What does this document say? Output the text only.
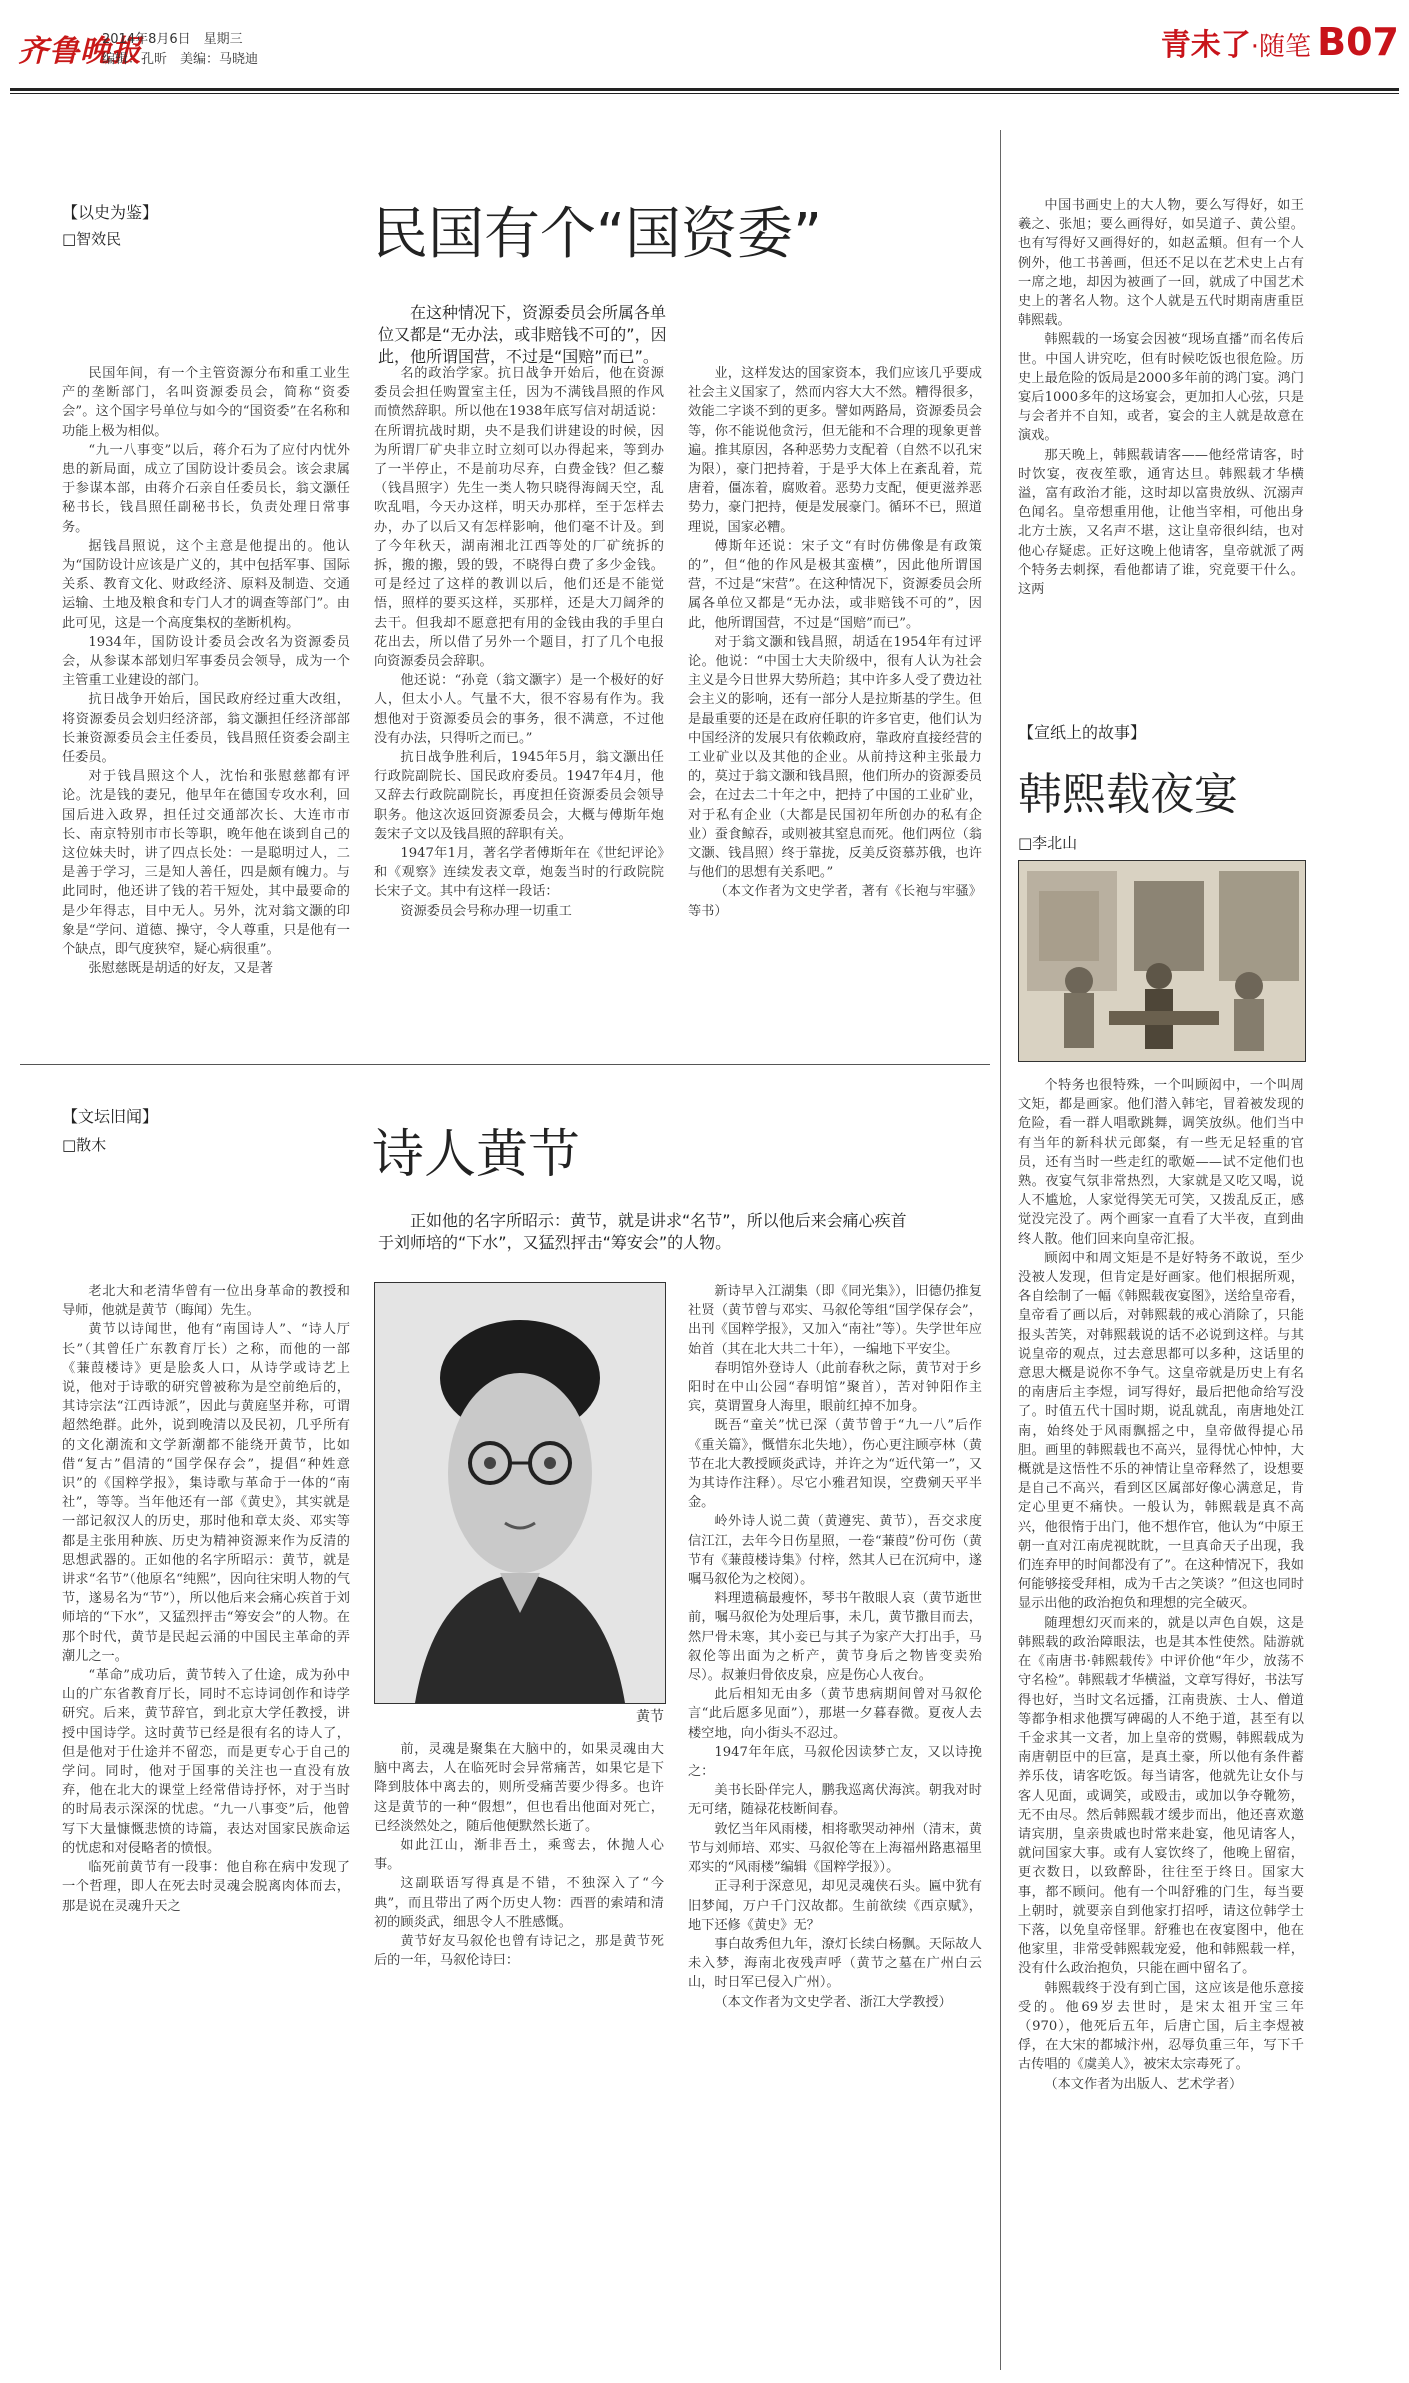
齐鲁晚报
2014年8月6日　星期三
编辑：孔昕　美编：马晓迪	青未了·随笔 B07
【以史为鉴】
□智效民	民国有个“国资委”
在这种情况下，资源委员会所属各单位又都是“无办法，或非赔钱不可的”，因此，他所谓国营，不过是“国赔”而已”。

民国年间，有一个主管资源分布和重工业生产的垄断部门，名叫资源委员会，简称“资委会”。这个国字号单位与如今的“国资委”在名称和功能上极为相似。

“九一八事变”以后，蒋介石为了应付内忧外患的新局面，成立了国防设计委员会。该会隶属于参谋本部，由蒋介石亲自任委员长，翁文灏任秘书长，钱昌照任副秘书长，负责处理日常事务。

据钱昌照说，这个主意是他提出的。他认为“国防设计应该是广义的，其中包括军事、国际关系、教育文化、财政经济、原料及制造、交通运输、土地及粮食和专门人才的调查等部门”。由此可见，这是一个高度集权的垄断机构。

1934年，国防设计委员会改名为资源委员会，从参谋本部划归军事委员会领导，成为一个主管重工业建设的部门。

抗日战争开始后，国民政府经过重大改组，将资源委员会划归经济部，翁文灏担任经济部部长兼资源委员会主任委员，钱昌照任资委会副主任委员。

对于钱昌照这个人，沈怡和张慰慈都有评论。沈是钱的妻兄，他早年在德国专攻水利，回国后进入政界，担任过交通部次长、大连市市长、南京特别市市长等职，晚年他在谈到自己的这位妹夫时，讲了四点长处：一是聪明过人，二是善于学习，三是知人善任，四是颇有魄力。与此同时，他还讲了钱的若干短处，其中最要命的是少年得志，目中无人。另外，沈对翁文灏的印象是“学问、道德、操守，令人尊重，只是他有一个缺点，即气度狭窄，疑心病很重”。

张慰慈既是胡适的好友，又是著

名的政治学家。抗日战争开始后，他在资源委员会担任购置室主任，因为不满钱昌照的作风而愤然辞职。所以他在1938年底写信对胡适说：在所谓抗战时期，央不是我们讲建设的时候，因为所谓厂矿央非立时立刻可以办得起来，等到办了一半停止，不是前功尽弃，白费金钱？但乙藜（钱昌照字）先生一类人物只晓得海阔天空，乱吹乱唱，今天办这样，明天办那样，至于怎样去办，办了以后又有怎样影响，他们毫不计及。到了今年秋天，湖南湘北江西等处的厂矿统拆的拆，搬的搬，毁的毁，不晓得白费了多少金钱。可是经过了这样的教训以后，他们还是不能觉悟，照样的要买这样，买那样，还是大刀阔斧的去干。但我却不愿意把有用的金钱由我的手里白花出去，所以借了另外一个题目，打了几个电报向资源委员会辞职。

他还说：“孙竟（翁文灏字）是一个极好的好人，但太小人。气量不大，很不容易有作为。我想他对于资源委员会的事务，很不满意，不过他没有办法，只得听之而已。”

抗日战争胜利后，1945年5月，翁文灏出任行政院副院长、国民政府委员。1947年4月，他又辞去行政院副院长，再度担任资源委员会领导职务。他这次返回资源委员会，大概与傅斯年炮轰宋子文以及钱昌照的辞职有关。

1947年1月，著名学者傅斯年在《世纪评论》和《观察》连续发表文章，炮轰当时的行政院院长宋子文。其中有这样一段话：

资源委员会号称办理一切重工

业，这样发达的国家资本，我们应该几乎要成社会主义国家了，然而内容大大不然。糟得很多，效能二字谈不到的更多。譬如两路局，资源委员会等，你不能说他贪污，但无能和不合理的现象更普遍。推其原因，各种恶势力支配着（自然不以孔宋为限），豪门把持着，于是乎大体上在紊乱着，荒唐着，僵冻着，腐败着。恶势力支配，便更滋养恶势力，豪门把持，便是发展豪门。循环不已，照道理说，国家必糟。

傅斯年还说：宋子文“有时仿佛像是有政策的”，但“他的作风是极其蛮横”，因此他所谓国营，不过是“宋营”。在这种情况下，资源委员会所属各单位又都是“无办法，或非赔钱不可的”，因此，他所谓国营，不过是“国赔”而已”。

对于翁文灏和钱昌照，胡适在1954年有过评论。他说：“中国士大夫阶级中，很有人认为社会主义是今日世界大势所趋；其中许多人受了费边社会主义的影响，还有一部分人是拉斯基的学生。但是最重要的还是在政府任职的许多官吏，他们认为中国经济的发展只有依赖政府，靠政府直接经营的工业矿业以及其他的企业。从前持这种主张最力的，莫过于翁文灏和钱昌照，他们所办的资源委员会，在过去二十年之中，把持了中国的工业矿业，对于私有企业（大都是民国初年所创办的私有企业）蚕食鲸吞，或则被其窒息而死。他们两位（翁文灏、钱昌照）终于靠拢，反美反资慕苏俄，也许与他们的思想有关系吧。”

（本文作者为文史学者，著有《长袍与牢骚》等书）

中国书画史上的大人物，要么写得好，如王羲之、张旭；要么画得好，如吴道子、黄公望。也有写得好又画得好的，如赵孟頫。但有一个人例外，他工书善画，但还不足以在艺术史上占有一席之地，却因为被画了一回，就成了中国艺术史上的著名人物。这个人就是五代时期南唐重臣韩熙载。

韩熙载的一场宴会因被“现场直播”而名传后世。中国人讲究吃，但有时候吃饭也很危险。历史上最危险的饭局是2000多年前的鸿门宴。鸿门宴后1000多年的这场宴会，更加扣人心弦，只是与会者并不自知，或者，宴会的主人就是故意在演戏。

那天晚上，韩熙载请客——他经常请客，时时饮宴，夜夜笙歌，通宵达旦。韩熙载才华横溢，富有政治才能，这时却以富贵放纵、沉溺声色闻名。皇帝想重用他，让他当宰相，可他出身北方士族，又名声不堪，这让皇帝很纠结，也对他心存疑虑。正好这晚上他请客，皇帝就派了两个特务去刺探，看他都请了谁，究竟要干什么。这两

【宣纸上的故事】
韩熙载夜宴
□李北山

个特务也很特殊，一个叫顾闳中，一个叫周文矩，都是画家。他们潜入韩宅，冒着被发现的危险，看一群人唱歌跳舞，调笑放纵。他们当中有当年的新科状元郎粲，有一些无足轻重的官员，还有当时一些走红的歌姬——试不定他们也熟。夜宴气氛非常热烈，大家就是又吃又喝，说人不尴尬，人家觉得笑无可笑，又拨乱反正，感觉没完没了。两个画家一直看了大半夜，直到曲终人散。他们回来向皇帝汇报。

顾闳中和周文矩是不是好特务不敢说，至少没被人发现，但肯定是好画家。他们根据所观，各自绘制了一幅《韩熙载夜宴图》，送给皇帝看，皇帝看了画以后，对韩熙载的戒心消除了，只能报头苦笑，对韩熙载说的话不必说到这样。与其说皇帝的观点，过去意思都可以多种，这话里的意思大概是说你不争气。这皇帝就是历史上有名的南唐后主李煜，词写得好，最后把他命给写没了。时值五代十国时期，说乱就乱，南唐地处江南，始终处于风雨飘摇之中，皇帝做得提心吊胆。画里的韩熙载也不高兴，显得忧心忡忡，大概就是这悟性不乐的神情让皇帝释然了，设想要是自己不高兴，看到区区属部好像心满意足，肯定心里更不痛快。一般认为，韩熙载是真不高兴，他很惰于出门，他不想作官，他认为“中原王朝一直对江南虎视眈眈，一旦真命天子出现，我们连弃甲的时间都没有了”。在这种情况下，我如何能够接受拜相，成为千古之笑谈？”但这也同时显示出他的政治抱负和理想的完全破灭。

随理想幻灭而来的，就是以声色自娱，这是韩熙载的政治障眼法，也是其本性使然。陆游就在《南唐书·韩熙载传》中评价他“年少，放荡不守名检”。韩熙载才华横溢，文章写得好，书法写得也好，当时文名远播，江南贵族、士人、僧道等都争相求他撰写碑碣的人不绝于道，甚至有以千金求其一文者，加上皇帝的赏赐，韩熙载成为南唐朝臣中的巨富，是真土豪，所以他有条件蓄养乐伎，请客吃饭。每当请客，他就先让女仆与客人见面，或调笑，或殴击，或加以争夺靴笏，无不由尽。然后韩熙载才缓步而出，他还喜欢邀请宾朋，皇亲贵戚也时常来赴宴，他见请客人，就问国家大事。或有人宴饮终了，他晚上留宿，更衣数日，以致醉卧，往往至于终日。国家大事，都不顾问。他有一个叫舒雅的门生，每当要上朝时，就要亲自到他家打招呼，请这位韩学士下落，以免皇帝怪罪。舒雅也在夜宴图中，他在他家里，非常受韩熙载宠爱，他和韩熙载一样，没有什么政治抱负，只能在画中留名了。

韩熙载终于没有到亡国，这应该是他乐意接受的。他69岁去世时，是宋太祖开宝三年（970），他死后五年，后唐亡国，后主李煜被俘，在大宋的都城汴州，忍辱负重三年，写下千古传唱的《虞美人》，被宋太宗毒死了。

（本文作者为出版人、艺术学者）

【文坛旧闻】
□散木	诗人黄节
正如他的名字所昭示：黄节，就是讲求“名节”，所以他后来会痛心疾首于刘师培的“下水”，又猛烈抨击“筹安会”的人物。

老北大和老清华曾有一位出身革命的教授和导师，他就是黄节（晦闻）先生。

黄节以诗闻世，他有“南国诗人”、“诗人厅长”（其曾任广东教育厅长）之称，而他的一部《蒹葭楼诗》更是脍炙人口，从诗学或诗艺上说，他对于诗歌的研究曾被称为是空前绝后的，其诗宗法“江西诗派”，因此与黄庭坚并称，可谓超然绝群。此外，说到晚清以及民初，几乎所有的文化潮流和文学新潮都不能绕开黄节，比如借“复古”倡清的“国学保存会”，提倡“种姓意识”的《国粹学报》，集诗歌与革命于一体的“南社”，等等。当年他还有一部《黄史》，其实就是一部记叙汉人的历史，那时他和章太炎、邓实等都是主张用种族、历史为精神资源来作为反清的思想武器的。正如他的名字所昭示：黄节，就是讲求“名节”（他原名“纯熙”，因向往宋明人物的气节，遂易名为“节”），所以他后来会痛心疾首于刘师培的“下水”，又猛烈抨击“筹安会”的人物。在那个时代，黄节是民起云涌的中国民主革命的弄潮儿之一。

“革命”成功后，黄节转入了仕途，成为孙中山的广东省教育厅长，同时不忘诗词创作和诗学研究。后来，黄节辞官，到北京大学任教授，讲授中国诗学。这时黄节已经是很有名的诗人了，但是他对于仕途并不留恋，而是更专心于自己的学问。同时，他对于国事的关注也一直没有放弃，他在北大的课堂上经常借诗抒怀，对于当时的时局表示深深的忧虑。“九一八事变”后，他曾写下大量慷慨悲愤的诗篇，表达对国家民族命运的忧虑和对侵略者的愤恨。

临死前黄节有一段事：他自称在病中发现了一个哲理，即人在死去时灵魂会脱离肉体而去，那是说在灵魂升天之

黄节

前，灵魂是聚集在大脑中的，如果灵魂由大脑中离去，人在临死时会异常痛苦，如果它是下降到肢体中离去的，则所受痛苦要少得多。也许这是黄节的一种“假想”，但也看出他面对死亡，已经淡然处之，随后他便默然长逝了。

如此江山，渐非吾土，乘鸾去，休抛人心事。

这副联语写得真是不错，不独深入了“今典”，而且带出了两个历史人物：西晋的索靖和清初的顾炎武，细思令人不胜感慨。

黄节好友马叙伦也曾有诗记之，那是黄节死后的一年，马叙伦诗曰：

新诗早入江湖集（即《同光集》），旧德仍推复社贤（黄节曾与邓实、马叙伦等组“国学保存会”，出刊《国粹学报》，又加入“南社”等）。失学世年应始首（其在北大共二十年），一编地下平安尘。

春明馆外登诗人（此前春秋之际，黄节对于乡阳时在中山公园“春明馆”聚首），苦对钟阳作主宾，莫谓置身人海里，眼前红掉不加身。

既吾“童关”忧已深（黄节曾于“九一八”后作《重关篇》，慨惜东北失地），伤心更注顾亭林（黄节在北大教授顾炎武诗，并许之为“近代第一”，又为其诗作注释）。尽它小雅君知误，空费剜天平半金。

岭外诗人说二黄（黄遵宪、黄节），吾交求度信江江，去年今日伤星照，一卷“蒹葭”份可伤（黄节有《蒹葭楼诗集》付梓，然其人已在沉疴中，遂嘱马叙伦为之校阅）。

料理遗稿最瘦怀，琴书午散眼人哀（黄节逝世前，嘱马叙伦为处理后事，未几，黄节撒目而去，然尸骨未寒，其小妾已与其子为家产大打出手，马叙伦等出面为之析产，黄节身后之物皆变卖殆尽）。叔兼归骨依皮泉，应是伤心人夜台。

此后相知无由多（黄节患病期间曾对马叙伦言“此后愿多见面”），那堪一夕暮春微。夏夜人去楼空地，向小街头不忍过。

1947年年底，马叙伦因读梦亡友，又以诗挽之：

美书长卧佯完人，鹏我巡离伏海滨。朝我对时无可绪，随禄花枝断间春。

敦忆当年风雨楼，相将歌哭动神州（清末，黄节与刘师培、邓实、马叙伦等在上海福州路惠福里邓实的“风雨楼”编辑《国粹学报》）。

正寻利于深意见，却见灵魂侠石头。匾中犹有旧梦闻，万户千门汉故都。生前欲续《西京赋》，地下还修《黄史》无？

事白故秀但九年，潦灯长续白杨飘。天际故人未入梦，海南北夜残声呼（黄节之墓在广州白云山，时日军已侵入广州）。

（本文作者为文史学者、浙江大学教授）
